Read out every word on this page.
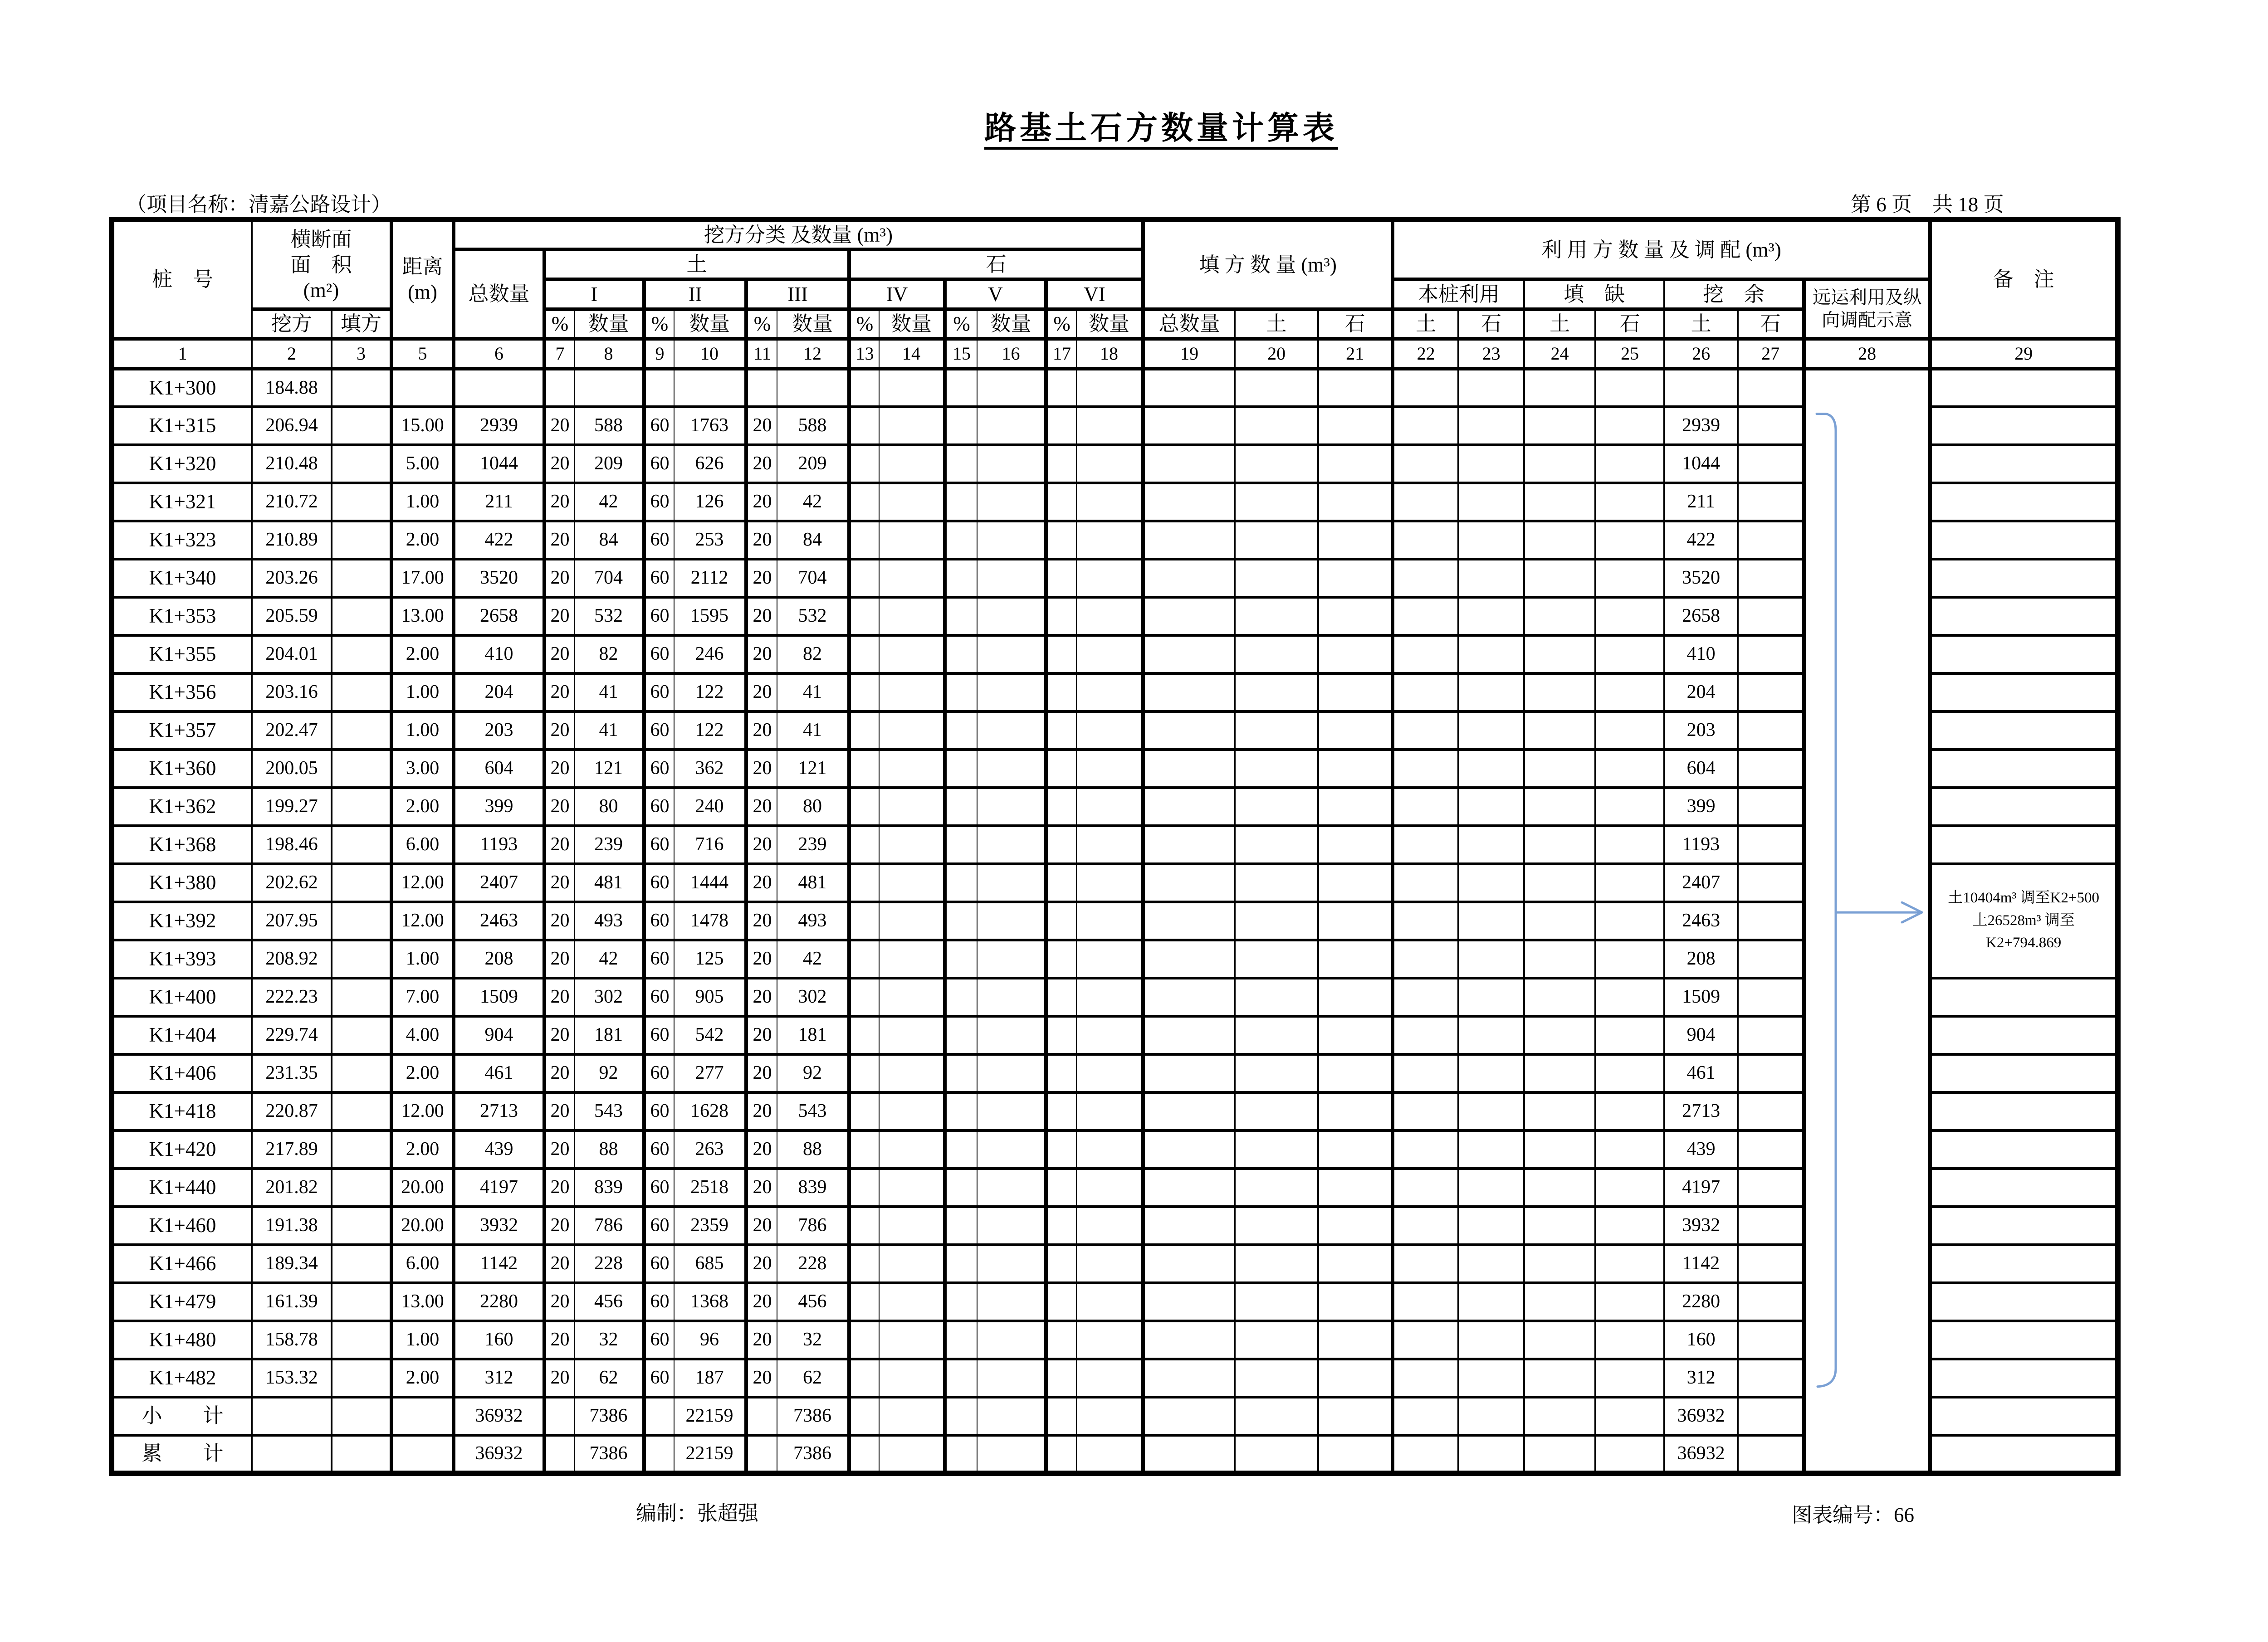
路基土石方数量计算表
（项目名称：清嘉公路设计）	第 6 页    共 18 页
桩　号	横断面
面　积
(m²)		距离
(m)	挖方分类 及数量 (m³)													填 方 数 量 (m³)			利 用 方 数 量 及 调 配 (m³)							备　注
				总数量	土						石																
					I		II		III		IV		V		VI					本桩利用		填　缺		挖　余		远运利用及纵
向调配示意	
	挖方	填方			%	数量	%	数量	%	数量	%	数量	%	数量	%	数量	总数量	土	石	土	石	土	石	土	石		
1	2	3	5	6	7	8	9	10	11	12	13	14	15	16	17	18	19	20	21	22	23	24	25	26	27	28	29
K1+300	184.88																									

K1+315	206.94		15.00	2939	20	588	60	1763	20	588														2939			
K1+320	210.48		5.00	1044	20	209	60	626	20	209														1044			
K1+321	210.72		1.00	211	20	42	60	126	20	42														211			
K1+323	210.89		2.00	422	20	84	60	253	20	84														422			
K1+340	203.26		17.00	3520	20	704	60	2112	20	704														3520			
K1+353	205.59		13.00	2658	20	532	60	1595	20	532														2658			
K1+355	204.01		2.00	410	20	82	60	246	20	82														410			
K1+356	203.16		1.00	204	20	41	60	122	20	41														204			
K1+357	202.47		1.00	203	20	41	60	122	20	41														203			
K1+360	200.05		3.00	604	20	121	60	362	20	121														604			
K1+362	199.27		2.00	399	20	80	60	240	20	80														399			
K1+368	198.46		6.00	1193	20	239	60	716	20	239														1193			
K1+380	202.62		12.00	2407	20	481	60	1444	20	481														2407			土10404m³ 调至K2+500
土26528m³ 调至
K2+794.869
K1+392	207.95		12.00	2463	20	493	60	1478	20	493														2463			
K1+393	208.92		1.00	208	20	42	60	125	20	42														208			
K1+400	222.23		7.00	1509	20	302	60	905	20	302														1509			
K1+404	229.74		4.00	904	20	181	60	542	20	181														904			
K1+406	231.35		2.00	461	20	92	60	277	20	92														461			
K1+418	220.87		12.00	2713	20	543	60	1628	20	543														2713			
K1+420	217.89		2.00	439	20	88	60	263	20	88														439			
K1+440	201.82		20.00	4197	20	839	60	2518	20	839														4197			
K1+460	191.38		20.00	3932	20	786	60	2359	20	786														3932			
K1+466	189.34		6.00	1142	20	228	60	685	20	228														1142			
K1+479	161.39		13.00	2280	20	456	60	1368	20	456														2280			
K1+480	158.78		1.00	160	20	32	60	96	20	32														160			
K1+482	153.32		2.00	312	20	62	60	187	20	62														312			
小　　计				36932		7386		22159		7386														36932			
累　　计				36932		7386		22159		7386														36932			
编制：张超强	图表编号：66
